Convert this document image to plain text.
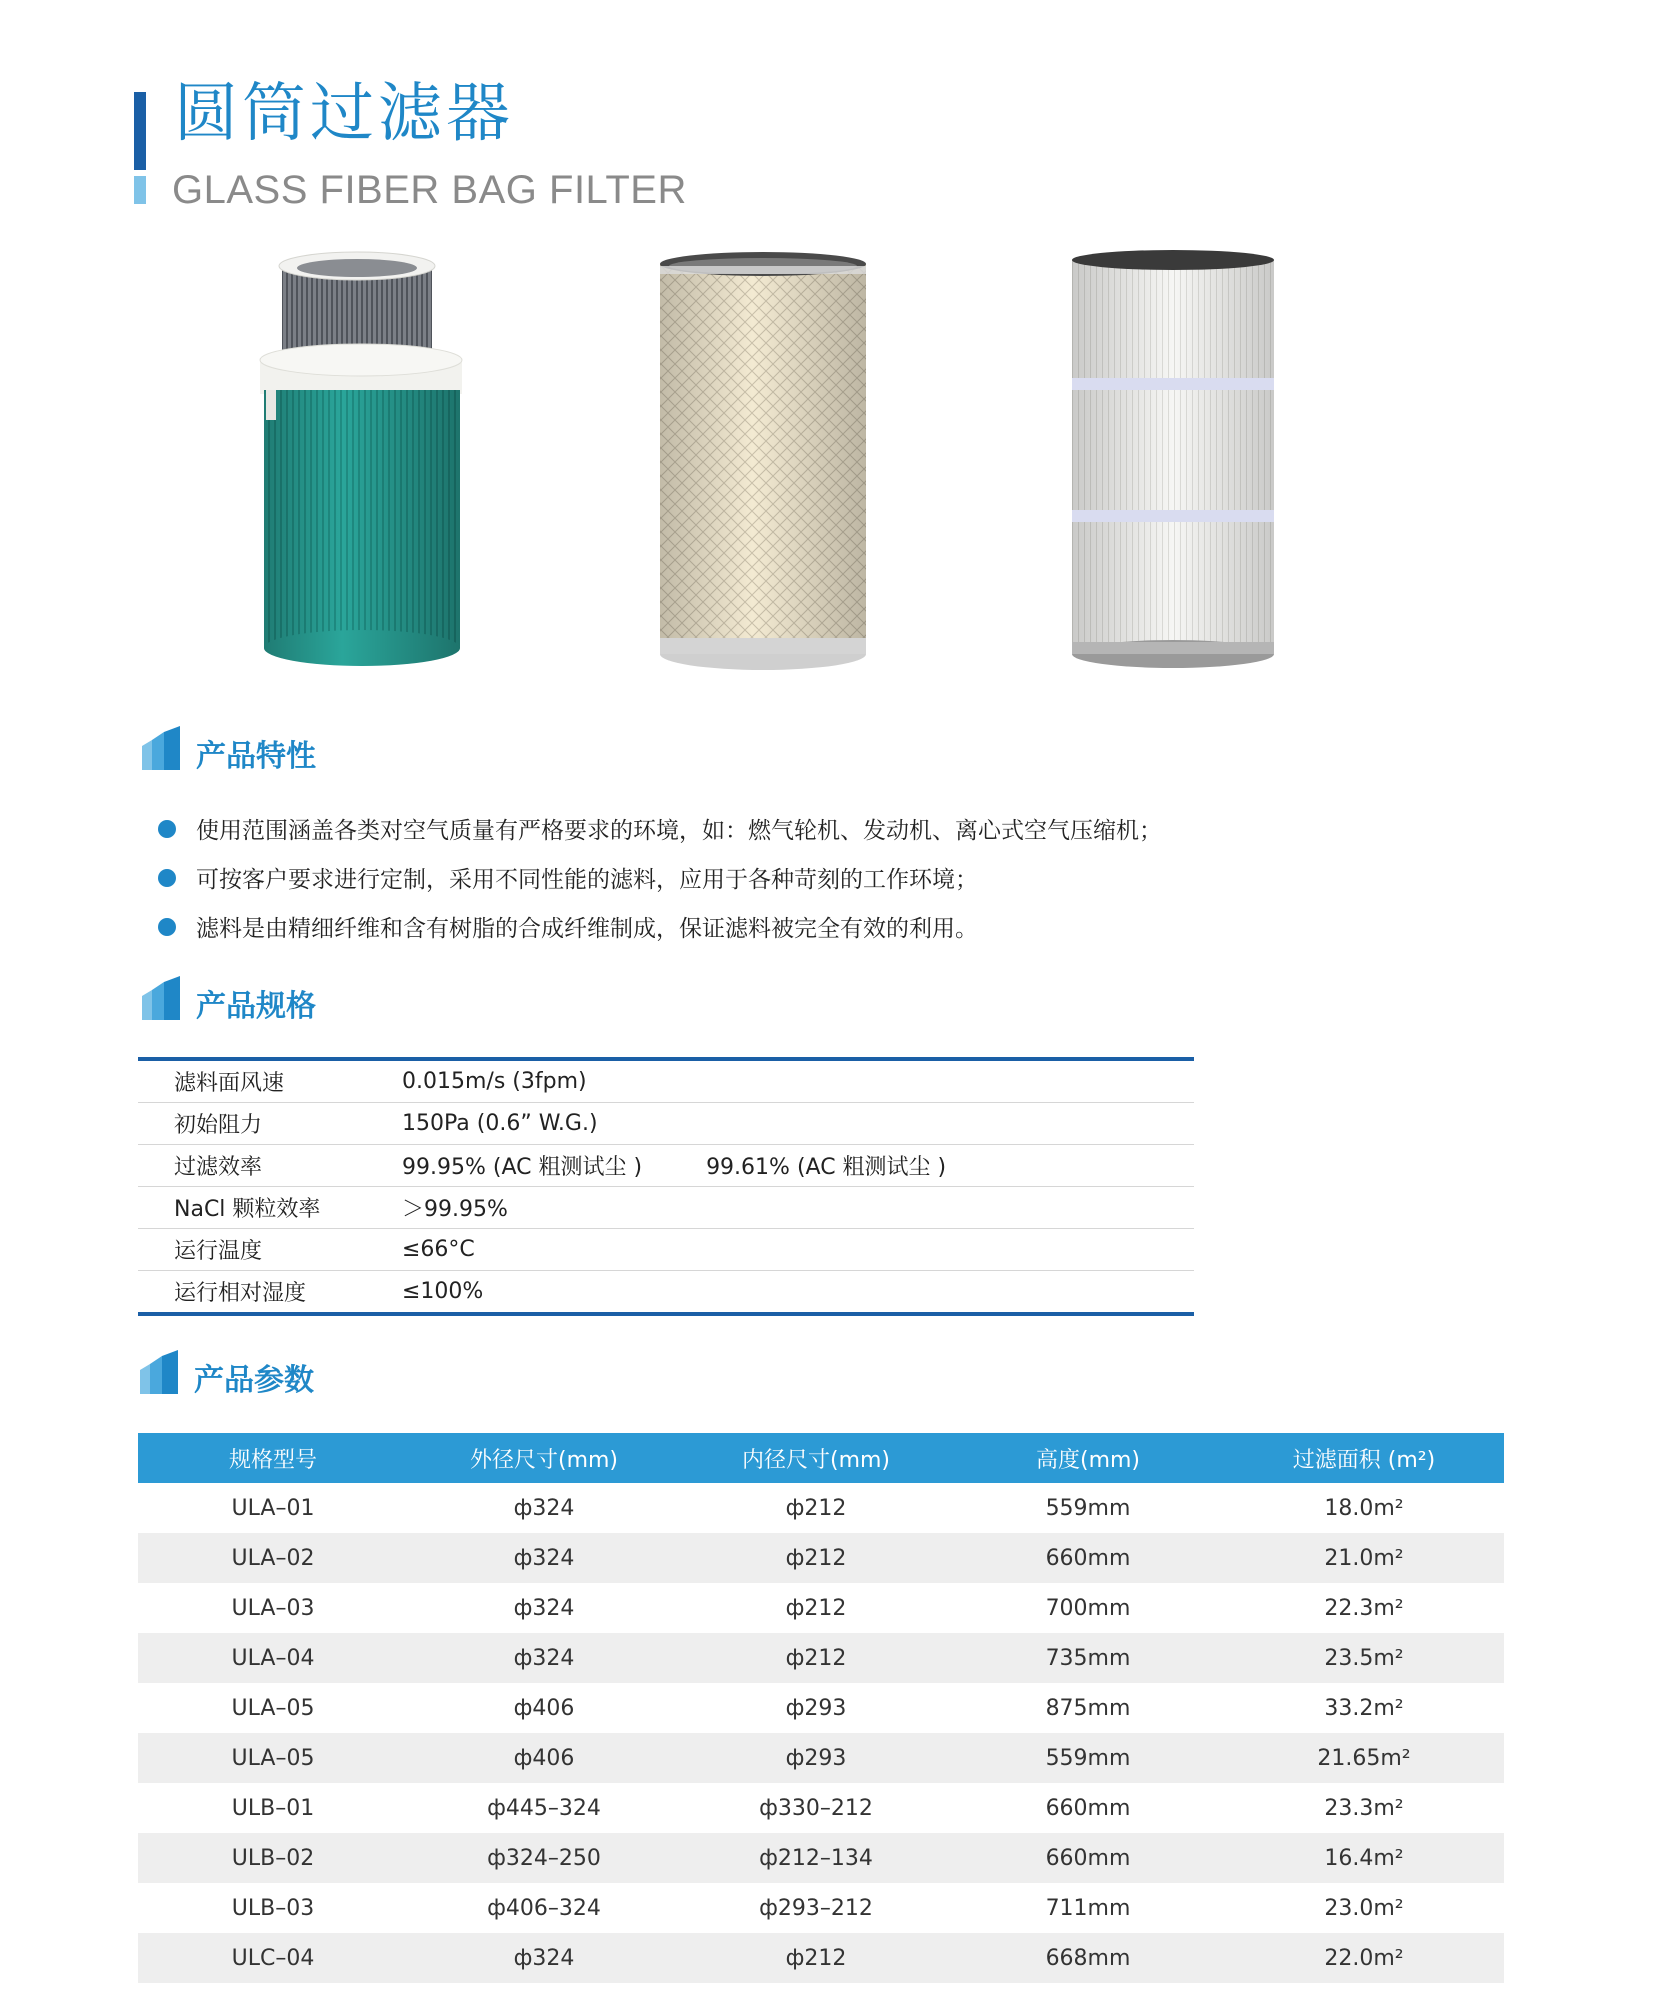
圆筒过滤器
GLASS FIBER BAG FILTER
产品特性
使用范围涵盖各类对空气质量有严格要求的环境，如：燃气轮机、发动机、离心式空气压缩机；
可按客户要求进行定制，采用不同性能的滤料，应用于各种苛刻的工作环境；
滤料是由精细纤维和含有树脂的合成纤维制成，保证滤料被完全有效的利用。
产品规格
滤料面风速	0.015m/s (3fpm)
初始阻力	150Pa (0.6” W.G.)
过滤效率	99.95% (AC 粗测试尘 )	99.61% (AC 粗测试尘 )
NaCl 颗粒效率	＞99.95%
运行温度	≤66°C
运行相对湿度	≤100%
产品参数
规格型号	外径尺寸(mm)	内径尺寸(mm)	高度(mm)	过滤面积 (m²)
ULA–01	ф324	ф212	559mm	18.0m²
ULA–02	ф324	ф212	660mm	21.0m²
ULA–03	ф324	ф212	700mm	22.3m²
ULA–04	ф324	ф212	735mm	23.5m²
ULA–05	ф406	ф293	875mm	33.2m²
ULA–05	ф406	ф293	559mm	21.65m²
ULB–01	ф445–324	ф330–212	660mm	23.3m²
ULB–02	ф324–250	ф212–134	660mm	16.4m²
ULB–03	ф406–324	ф293–212	711mm	23.0m²
ULC–04	ф324	ф212	668mm	22.0m²
